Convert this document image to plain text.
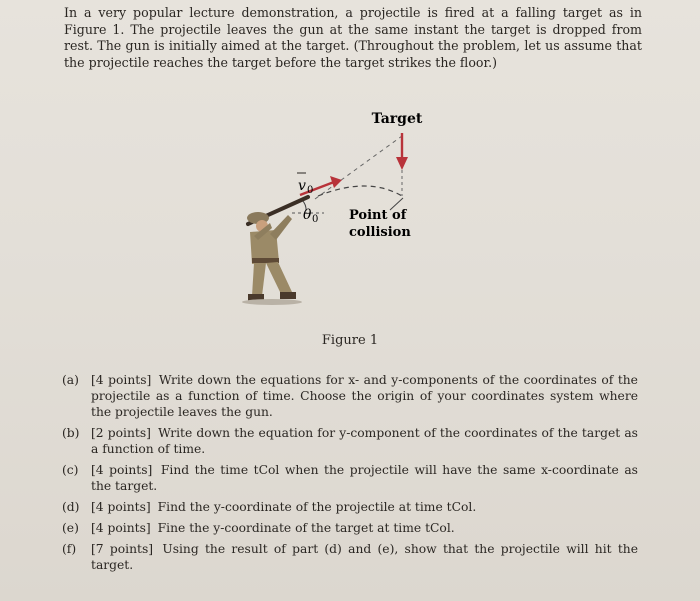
In a very popular lecture demonstration, a projectile is fired at a falling target as in Figure 1. The projectile leaves the gun at the same instant the target is dropped from rest. The gun is initially aimed at the target. (Throughout the problem, let us assume that the projectile reaches the target before the target strikes the floor.)

Target
v 0
θ 0 Point of
collision
Figure 1
(a) [4 points] Write down the equations for x- and y-components of the coordinates of the projectile as a function of time. Choose the origin of your coordinates system where the projectile leaves the gun.
(b) [2 points] Write down the equation for y-component of the coordinates of the target as a function of time.
(c)	[4 points] Find the time tCol when the projectile will have the same x-coordinate as the target.
(d) [4 points] Find the y-coordinate of the projectile at time tCol.
(e) [4 points] Fine the y-coordinate of the target at time tCol.
(f)	[7 points] Using the result of part (d) and (e), show that the projectile will hit the target.
